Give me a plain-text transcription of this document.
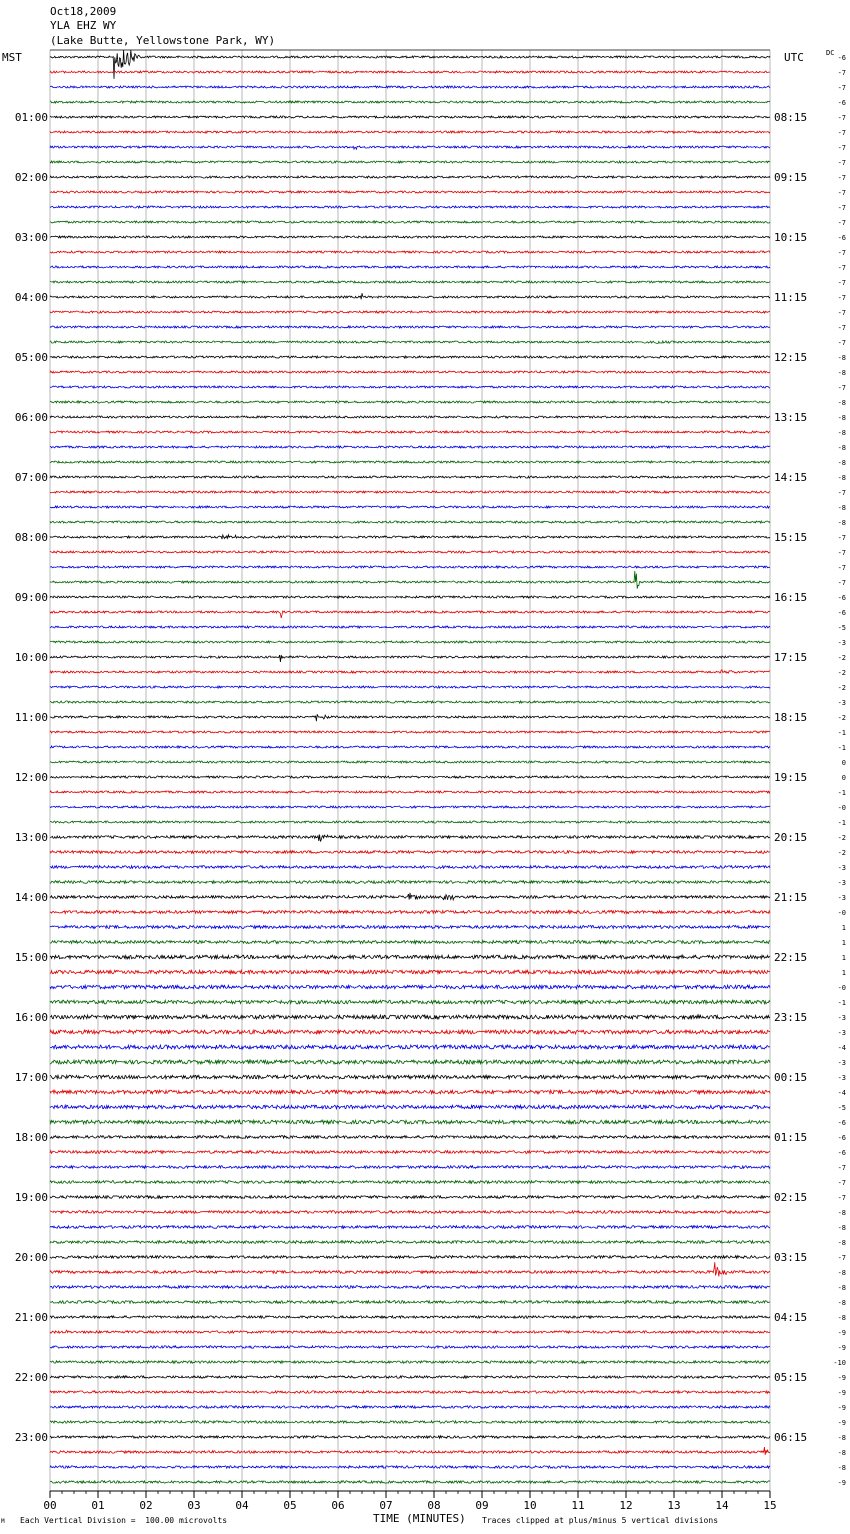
Oct18,2009
YLA EHZ WY
(Lake Butte, Yellowstone Park, WY)
MST	UTC	DC
01:00
02:00
03:00
04:00
05:00
06:00
07:00
08:00
09:00
10:00
11:00
12:00
13:00
14:00
15:00
16:00
17:00
18:00
19:00
20:00
21:00
22:00
23:00
08:15
09:15
10:15
11:15
12:15
13:15
14:15
15:15
16:15
17:15
18:15
19:15
20:15
21:15
22:15
23:15
00:15
01:15
02:15
03:15
04:15
05:15
06:15
-6
-7
-7
-6
-7
-7
-7
-7
-7
-7
-7
-7
-6
-7
-7
-7
-7
-7
-7
-7
-8
-8
-7
-8
-8
-8
-8
-8
-8
-7
-8
-8
-7
-7
-7
-7
-6
-6
-5
-3
-2
-2
-2
-3
-2
-1
-1
0
0
-1
-0
-1
-2
-2
-3
-3
-3
-0
1
1
1
1
-0
-1
-3
-3
-4
-3
-3
-4
-5
-6
-6
-6
-7
-7
-7
-8
-8
-8
-7
-8
-8
-8
-8
-9
-9
-10
-9
-9
-9
-9
-8
-8
-8
-9
00	01	02	03	04	05	06	07	08	09	10	11	12	13	14	15
M Each Vertical Division =  100.00 microvolts	TIME (MINUTES) Traces clipped at plus/minus 5 vertical divisions
